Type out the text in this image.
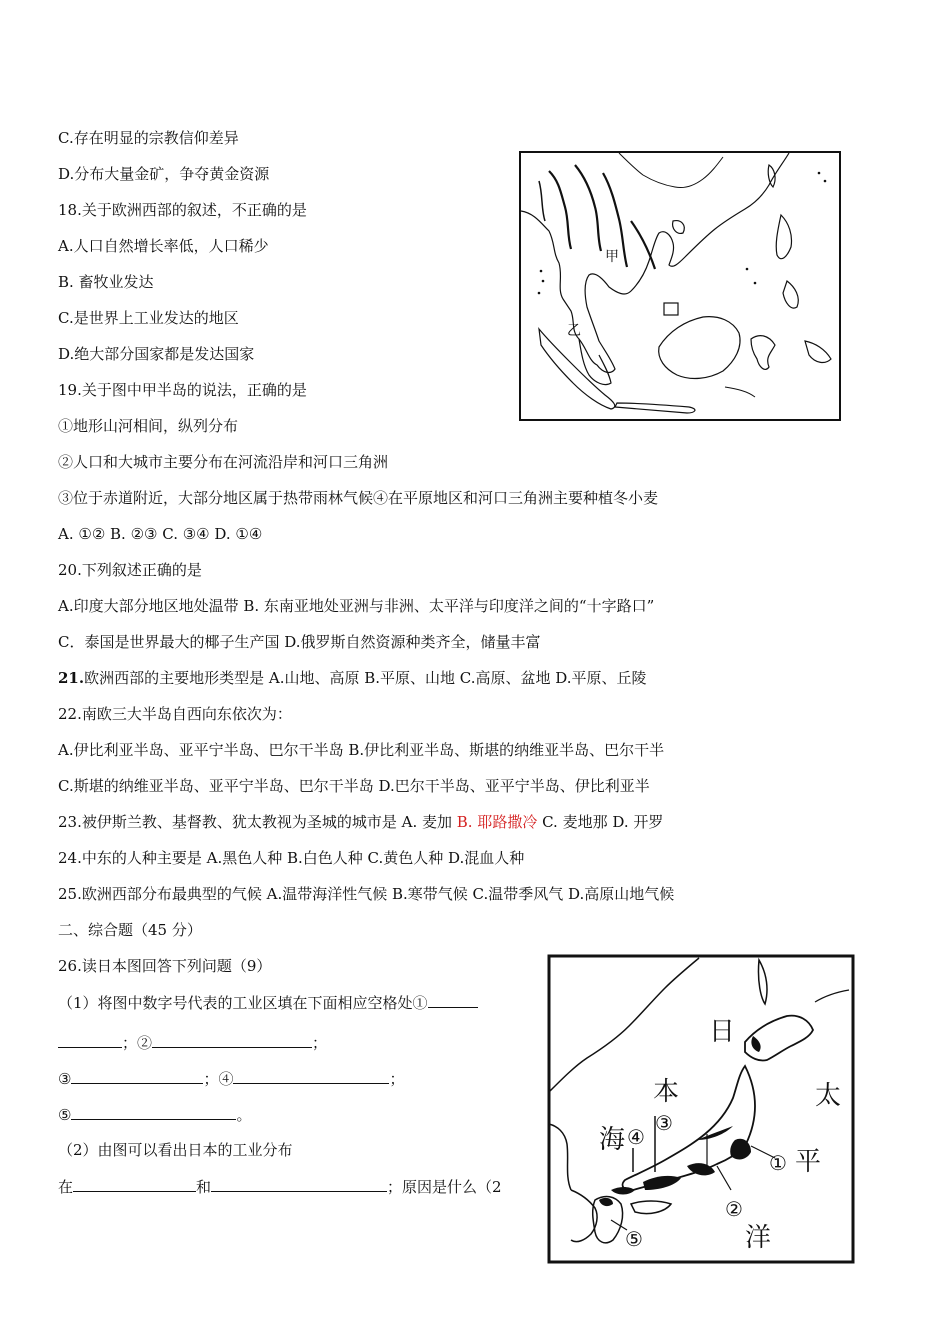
C.存在明显的宗教信仰差异
D.分布大量金矿，争夺黄金资源
18.关于欧洲西部的叙述，不正确的是
A.人口自然增长率低，人口稀少
B. 畜牧业发达
C.是世界上工业发达的地区
D.绝大部分国家都是发达国家
19.关于图中甲半岛的说法，正确的是
①地形山河相间，纵列分布
②人口和大城市主要分布在河流沿岸和河口三角洲
③位于赤道附近，大部分地区属于热带雨林气候④在平原地区和河口三角洲主要种植冬小麦
A. ①② B. ②③ C. ③④ D. ①④
20.下列叙述正确的是
A.印度大部分地区地处温带 B. 东南亚地处亚洲与非洲、太平洋与印度洋之间的“十字路口”
C．泰国是世界最大的椰子生产国 D.俄罗斯自然资源种类齐全，储量丰富
21.欧洲西部的主要地形类型是 A.山地、高原 B.平原、山地 C.高原、盆地 D.平原、丘陵
22.南欧三大半岛自西向东依次为：
A.伊比利亚半岛、亚平宁半岛、巴尔干半岛 B.伊比利亚半岛、斯堪的纳维亚半岛、巴尔干半
C.斯堪的纳维亚半岛、亚平宁半岛、巴尔干半岛 D.巴尔干半岛、亚平宁半岛、伊比利亚半
23.被伊斯兰教、基督教、犹太教视为圣城的城市是 A. 麦加 B. 耶路撒冷 C. 麦地那 D. 开罗
24.中东的人种主要是 A.黑色人种 B.白色人种 C.黄色人种 D.混血人种
25.欧洲西部分布最典型的气候 A.温带海洋性气候 B.寒带气候 C.温带季风气 D.高原山地气候
二、综合题（45 分）
26.读日本图回答下列问题（9）
（1）将图中数字号代表的工业区填在下面相应空格处①
；②	；
③	；④	；
⑤	。
（2）由图可以看出日本的工业分布
在	和	；原因是什么（2
甲
乙
日
本
海
太
平
洋
①
②
③
④
⑤
